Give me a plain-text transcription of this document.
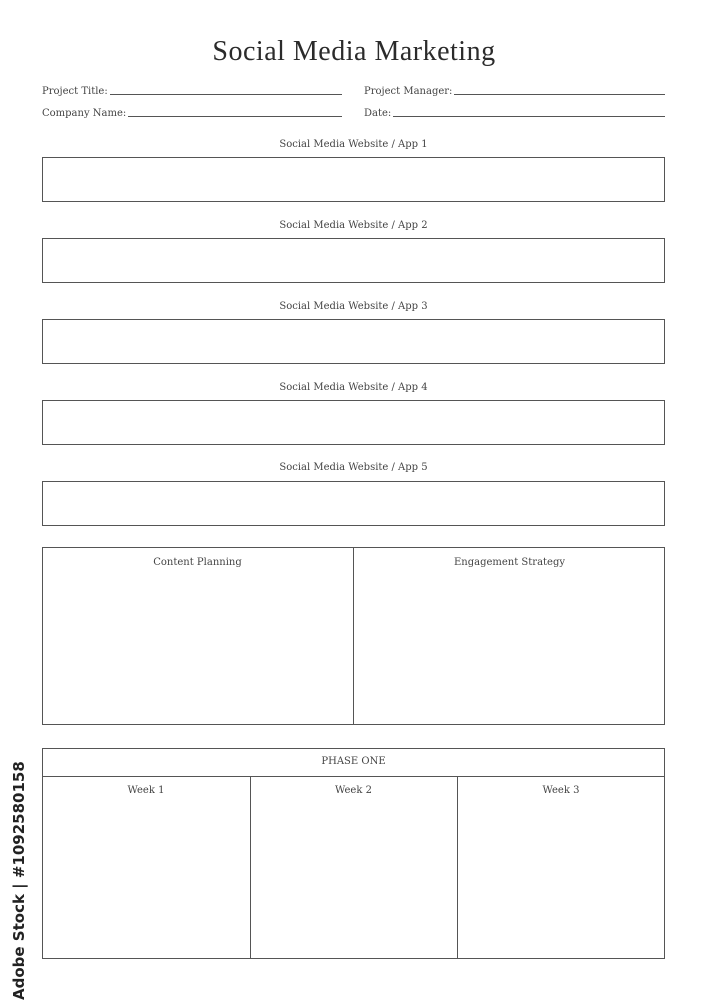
Social Media Marketing
Project Title:	Project Manager:
Company Name:	Date:
Social Media Website / App 1
Social Media Website / App 2
Social Media Website / App 3
Social Media Website / App 4
Social Media Website / App 5
Content Planning	Engagement Strategy
PHASE ONE
Week 1	Week 2	Week 3
Adobe Stock | #1092580158
